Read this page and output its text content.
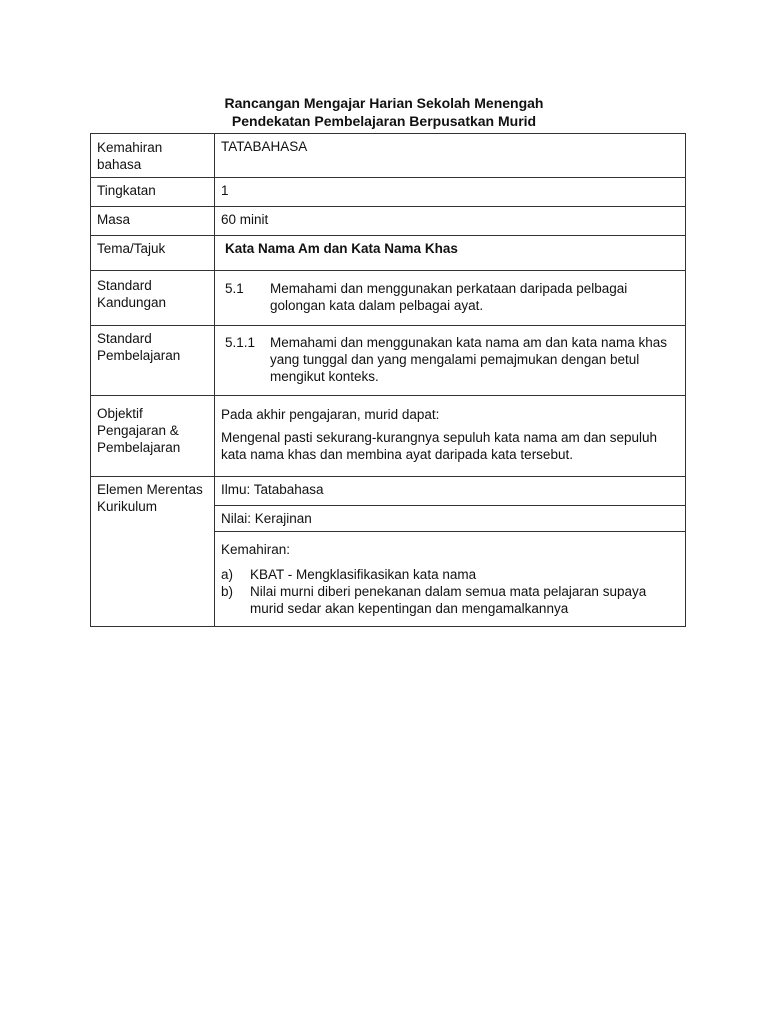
Rancangan Mengajar Harian Sekolah Menengah
Pendekatan Pembelajaran Berpusatkan Murid
Kemahiran bahasa	TATABAHASA
Tingkatan	1
Masa	60 minit
Tema/Tajuk	Kata Nama Am dan Kata Nama Khas
Standard Kandungan	5.1 Memahami dan menggunakan perkataan daripada pelbagai golongan kata dalam pelbagai ayat.

Standard Pembelajaran	5.1.1 Memahami dan menggunakan kata nama am dan kata nama khas yang tunggal dan yang mengalami pemajmukan dengan betul mengikut konteks.

Objektif Pengajaran & Pembelajaran	Pada akhir pengajaran, murid dapat:
Mengenal pasti sekurang-kurangnya sepuluh kata nama am dan sepuluh kata nama khas dan membina ayat daripada kata tersebut.

Elemen Merentas Kurikulum	Ilmu: Tatabahasa
	Nilai: Kerajinan

	Kemahiran:
a) KBAT - Mengklasifikasikan kata nama
b) Nilai murni diberi penekanan dalam semua mata pelajaran supaya murid sedar akan kepentingan dan mengamalkannya
